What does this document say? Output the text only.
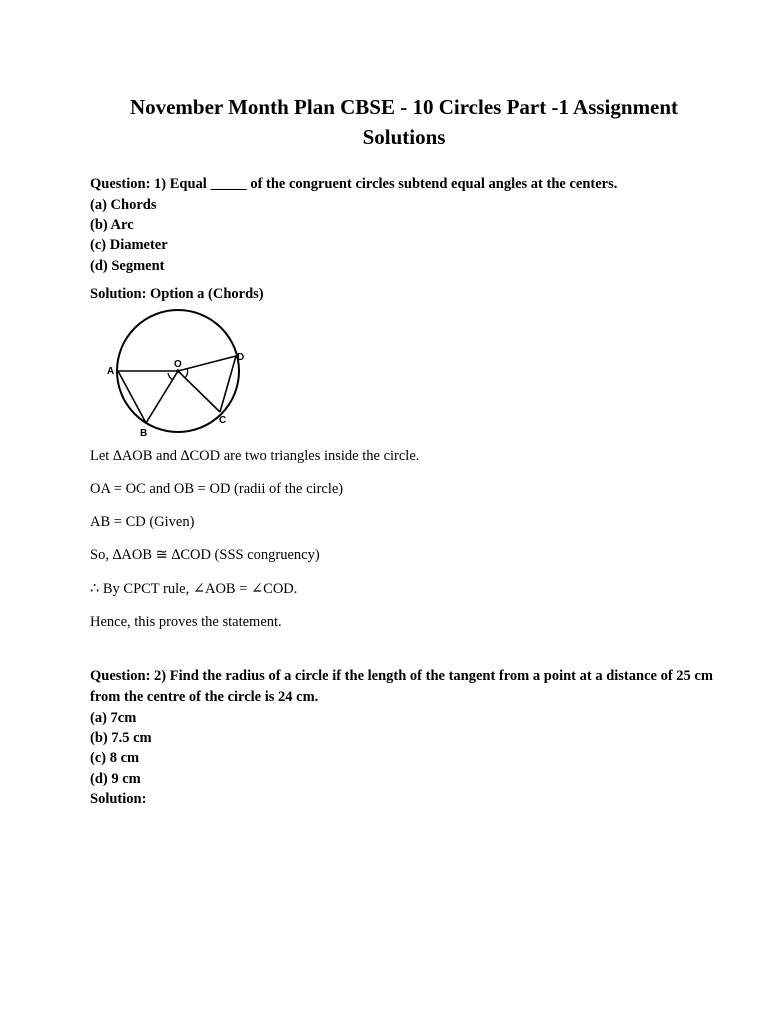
November Month Plan CBSE - 10 Circles Part -1 Assignment
Solutions

Question: 1) Equal _____ of the congruent circles subtend equal angles at the centers.

(a) Chords

(b) Arc

(c) Diameter

(d) Segment

Solution: Option a (Chords)

A
B
C
D
O

Let ∆AOB and ∆COD are two triangles inside the circle.

OA = OC and OB = OD (radii of the circle)

AB = CD (Given)

So, ∆AOB ≅ ∆COD (SSS congruency)

∴ By CPCT rule, ∠AOB = ∠COD.

Hence, this proves the statement.

Question: 2) Find the radius of a circle if the length of the tangent from a point at a distance of 25 cm from the centre of the circle is 24 cm.

(a) 7cm

(b) 7.5 cm

(c) 8 cm

(d) 9 cm

Solution:
